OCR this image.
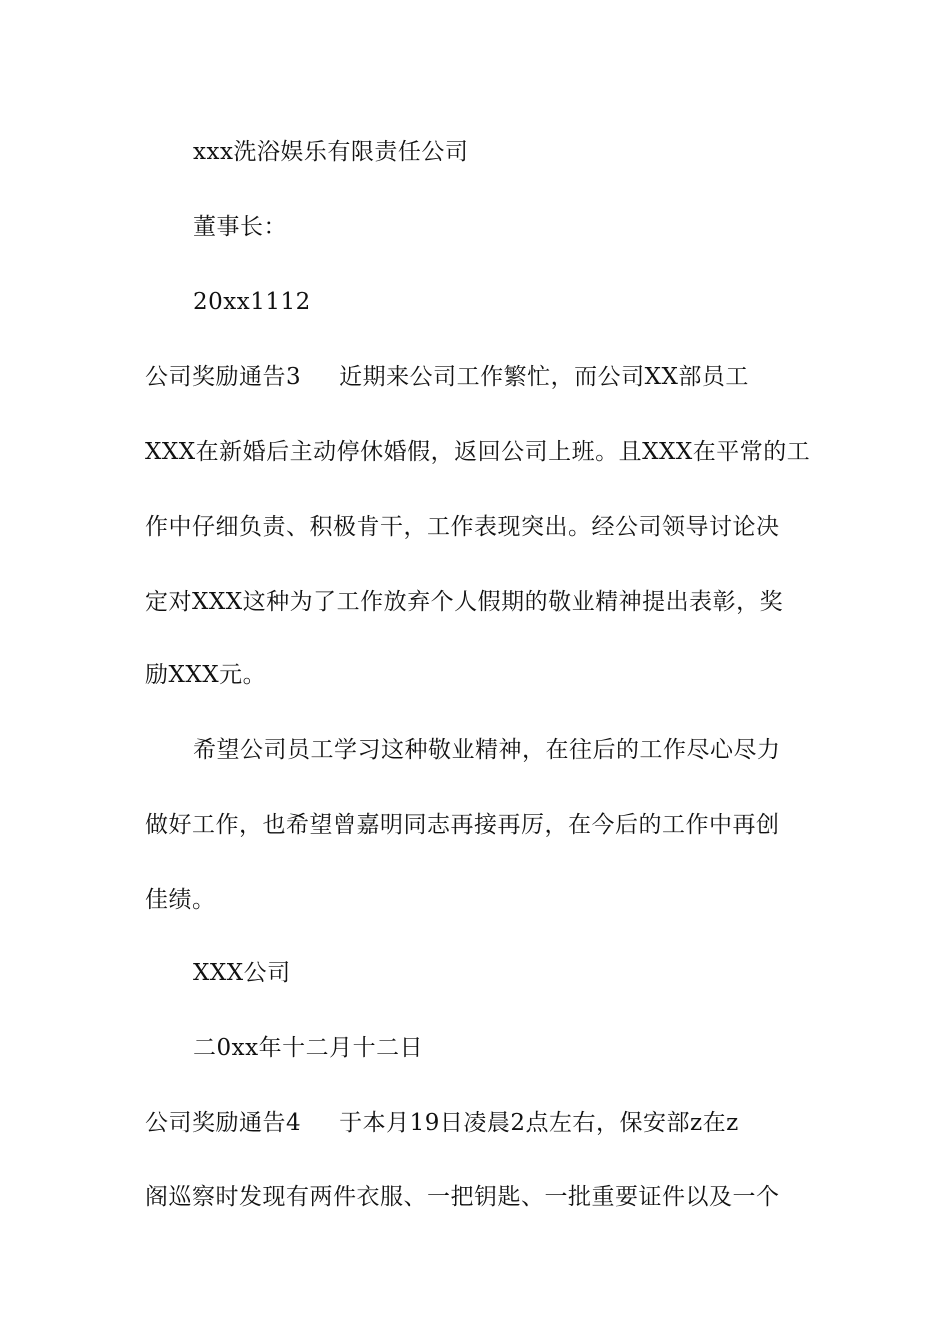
xxx洗浴娱乐有限责任公司
董事长：
20xx1112
公司奖励通告3 近期来公司工作繁忙，而公司XX部员工
XXX在新婚后主动停休婚假，返回公司上班。且XXX在平常的工
作中仔细负责、积极肯干，工作表现突出。经公司领导讨论决
定对XXX这种为了工作放弃个人假期的敬业精神提出表彰，奖
励XXX元。
希望公司员工学习这种敬业精神，在往后的工作尽心尽力
做好工作，也希望曾嘉明同志再接再厉，在今后的工作中再创
佳绩。
XXX公司
二0xx年十二月十二日
公司奖励通告4 于本月19日凌晨2点左右，保安部z在z
阁巡察时发现有两件衣服、一把钥匙、一批重要证件以及一个
